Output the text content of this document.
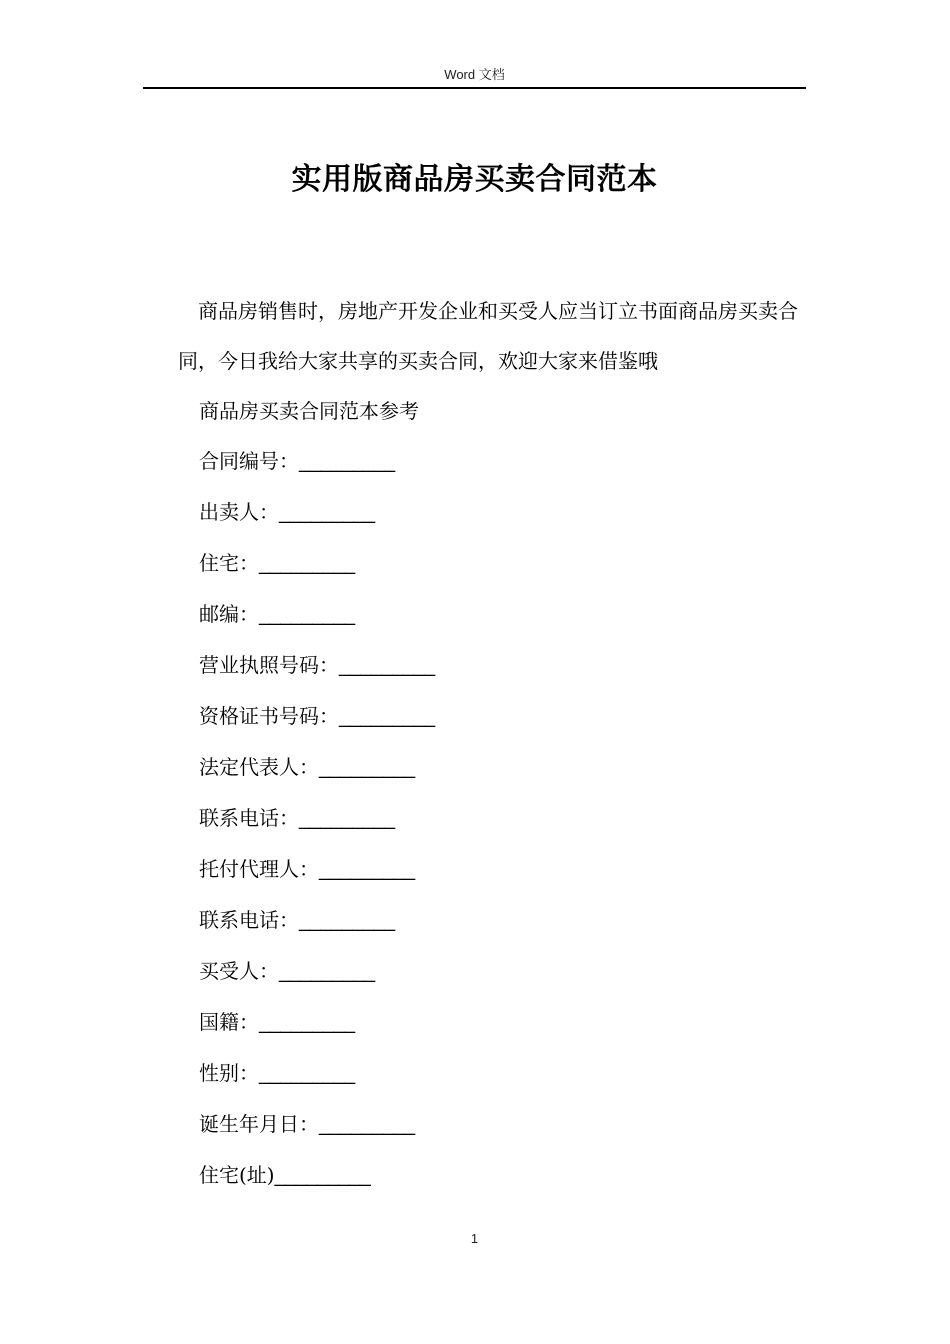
Word 文档
实用版商品房买卖合同范本

商品房销售时，房地产开发企业和买受人应当订立书面商品房买卖合同，今日我给大家共享的买卖合同，欢迎大家来借鉴哦

商品房买卖合同范本参考

合同编号：_________

出卖人：_________

住宅：_________

邮编：_________

营业执照号码：_________

资格证书号码：_________

法定代表人：_________

联系电话：_________

托付代理人：_________

联系电话：_________

买受人：_________

国籍：_________

性别：_________

诞生年月日：_________

住宅(址)_________

1
